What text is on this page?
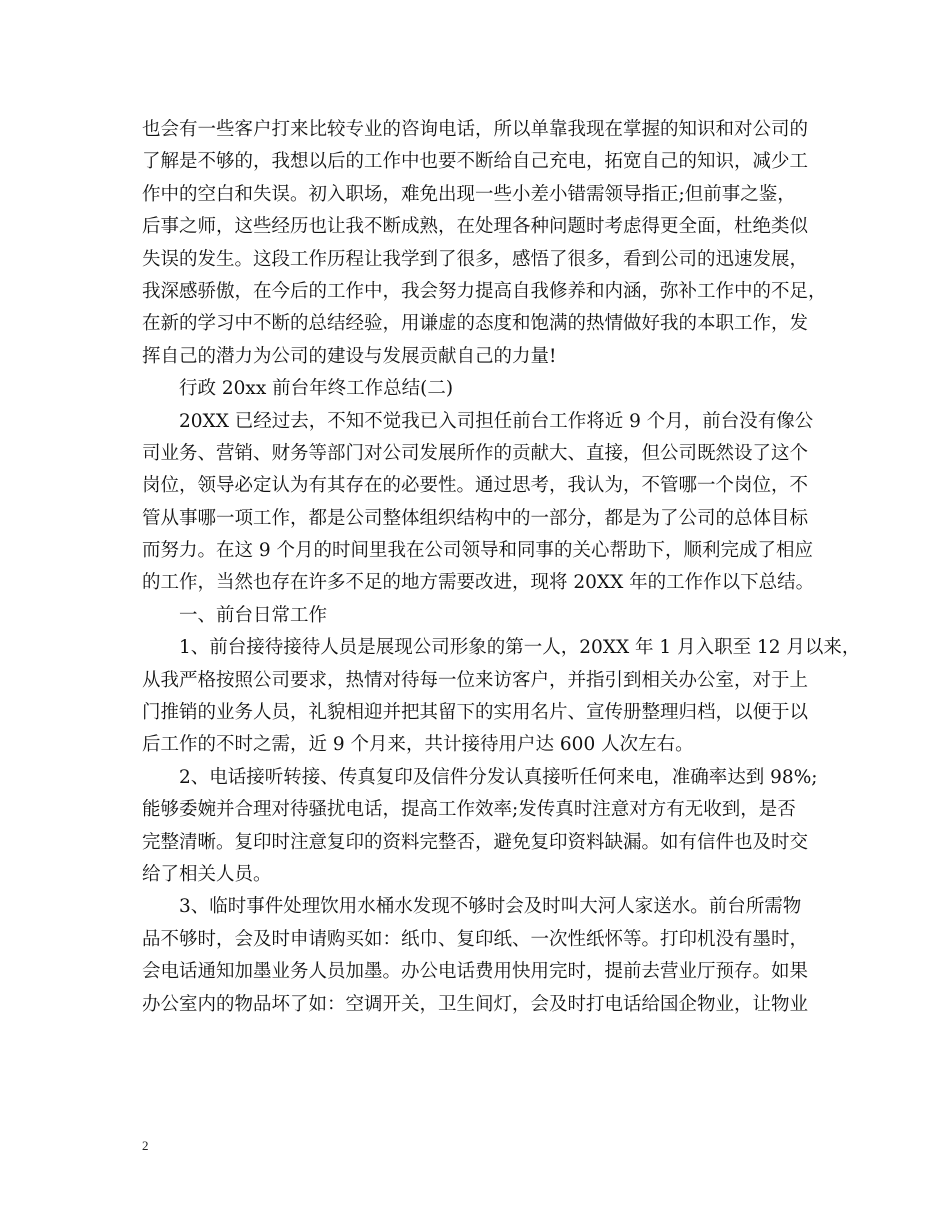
也会有一些客户打来比较专业的咨询电话，所以单靠我现在掌握的知识和对公司的
了解是不够的，我想以后的工作中也要不断给自己充电，拓宽自己的知识，减少工
作中的空白和失误。初入职场，难免出现一些小差小错需领导指正;但前事之鉴，
后事之师，这些经历也让我不断成熟，在处理各种问题时考虑得更全面，杜绝类似
失误的发生。这段工作历程让我学到了很多，感悟了很多，看到公司的迅速发展，
我深感骄傲，在今后的工作中，我会努力提高自我修养和内涵，弥补工作中的不足，
在新的学习中不断的总结经验，用谦虚的态度和饱满的热情做好我的本职工作，发
挥自己的潜力为公司的建设与发展贡献自己的力量!
行政 20xx 前台年终工作总结(二)
20XX 已经过去，不知不觉我已入司担任前台工作将近 9 个月，前台没有像公
司业务、营销、财务等部门对公司发展所作的贡献大、直接，但公司既然设了这个
岗位，领导必定认为有其存在的必要性。通过思考，我认为，不管哪一个岗位，不
管从事哪一项工作，都是公司整体组织结构中的一部分，都是为了公司的总体目标
而努力。在这 9 个月的时间里我在公司领导和同事的关心帮助下，顺利完成了相应
的工作，当然也存在许多不足的地方需要改进，现将 20XX 年的工作作以下总结。
一、前台日常工作
1、前台接待接待人员是展现公司形象的第一人，20XX 年 1 月入职至 12 月以来，
从我严格按照公司要求，热情对待每一位来访客户，并指引到相关办公室，对于上
门推销的业务人员，礼貌相迎并把其留下的实用名片、宣传册整理归档，以便于以
后工作的不时之需，近 9 个月来，共计接待用户达 600 人次左右。
2、电话接听转接、传真复印及信件分发认真接听任何来电，准确率达到 98%;
能够委婉并合理对待骚扰电话，提高工作效率;发传真时注意对方有无收到，是否
完整清晰。复印时注意复印的资料完整否，避免复印资料缺漏。如有信件也及时交
给了相关人员。
3、临时事件处理饮用水桶水发现不够时会及时叫大河人家送水。前台所需物
品不够时，会及时申请购买如：纸巾、复印纸、一次性纸怀等。打印机没有墨时，
会电话通知加墨业务人员加墨。办公电话费用快用完时，提前去营业厅预存。如果
办公室内的物品坏了如：空调开关，卫生间灯，会及时打电话给国企物业，让物业
2
